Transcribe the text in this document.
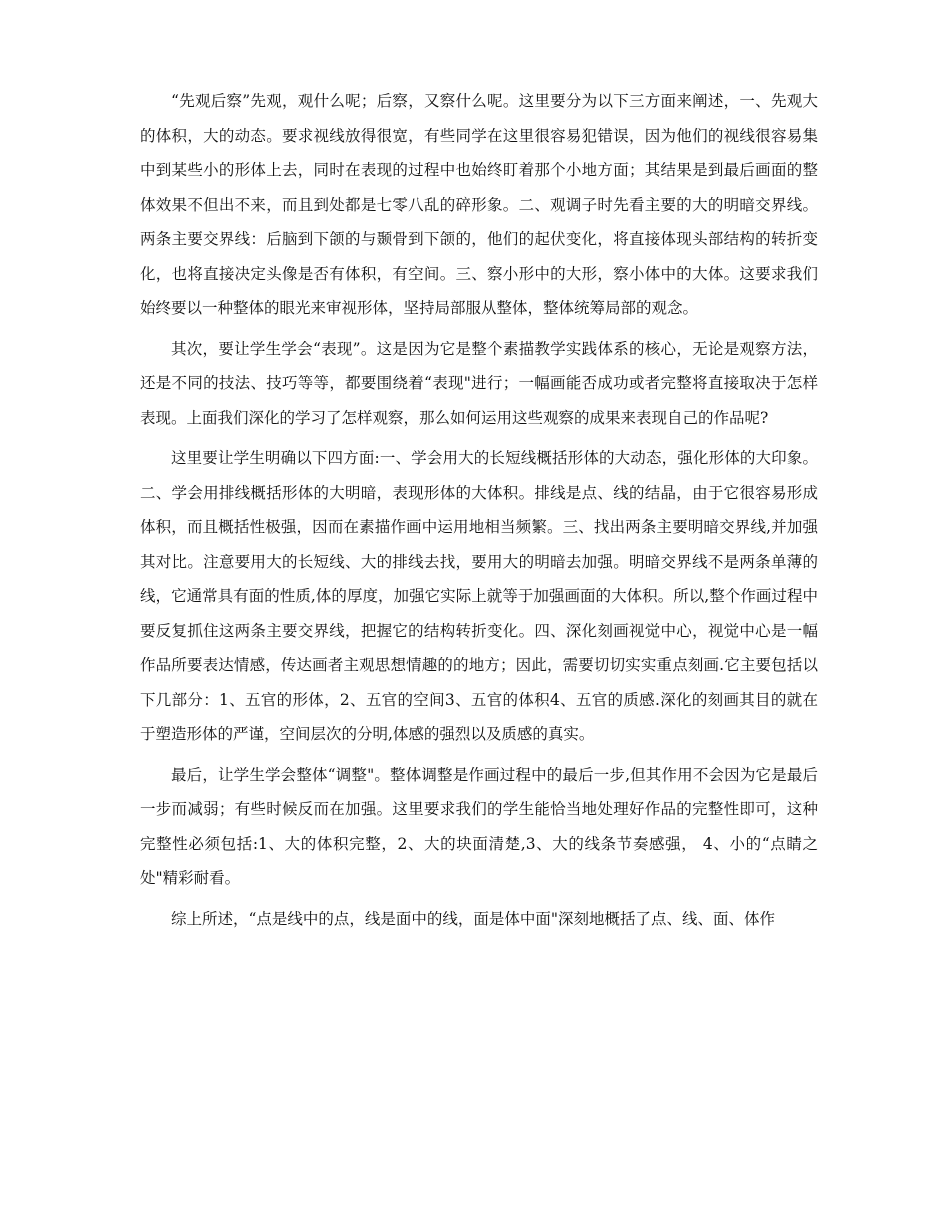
“先观后察”先观，观什么呢；后察，又察什么呢。这里要分为以下三方面来阐述，一、先观大的体积，大的动态。要求视线放得很宽，有些同学在这里很容易犯错误，因为他们的视线很容易集中到某些小的形体上去，同时在表现的过程中也始终盯着那个小地方面；其结果是到最后画面的整体效果不但出不来，而且到处都是七零八乱的碎形象。二、观调子时先看主要的大的明暗交界线。两条主要交界线：后脑到下颌的与颞骨到下颌的，他们的起伏变化，将直接体现头部结构的转折变化，也将直接决定头像是否有体积，有空间。三、察小形中的大形，察小体中的大体。这要求我们始终要以一种整体的眼光来审视形体，坚持局部服从整体，整体统筹局部的观念。

其次，要让学生学会“表现”。这是因为它是整个素描教学实践体系的核心，无论是观察方法，还是不同的技法、技巧等等，都要围绕着“表现"进行；一幅画能否成功或者完整将直接取决于怎样表现。上面我们深化的学习了怎样观察，那么如何运用这些观察的成果来表现自己的作品呢?

这里要让学生明确以下四方面:一、学会用大的长短线概括形体的大动态，强化形体的大印象。二、学会用排线概括形体的大明暗，表现形体的大体积。排线是点、线的结晶，由于它很容易形成体积，而且概括性极强，因而在素描作画中运用地相当频繁。三、找出两条主要明暗交界线,并加强其对比。注意要用大的长短线、大的排线去找，要用大的明暗去加强。明暗交界线不是两条单薄的线，它通常具有面的性质,体的厚度，加强它实际上就等于加强画面的大体积。所以,整个作画过程中要反复抓住这两条主要交界线，把握它的结构转折变化。四、深化刻画视觉中心，视觉中心是一幅作品所要表达情感，传达画者主观思想情趣的的地方；因此，需要切切实实重点刻画.它主要包括以下几部分：1、五官的形体，2、五官的空间3、五官的体积4、五官的质感.深化的刻画其目的就在于塑造形体的严谨，空间层次的分明,体感的强烈以及质感的真实。

最后，让学生学会整体“调整"。整体调整是作画过程中的最后一步,但其作用不会因为它是最后一步而减弱；有些时候反而在加强。这里要求我们的学生能恰当地处理好作品的完整性即可，这种完整性必须包括:1、大的体积完整，2、大的块面清楚,3、大的线条节奏感强， 4、小的“点睛之处"精彩耐看。

综上所述，“点是线中的点，线是面中的线，面是体中面"深刻地概括了点、线、面、体作
